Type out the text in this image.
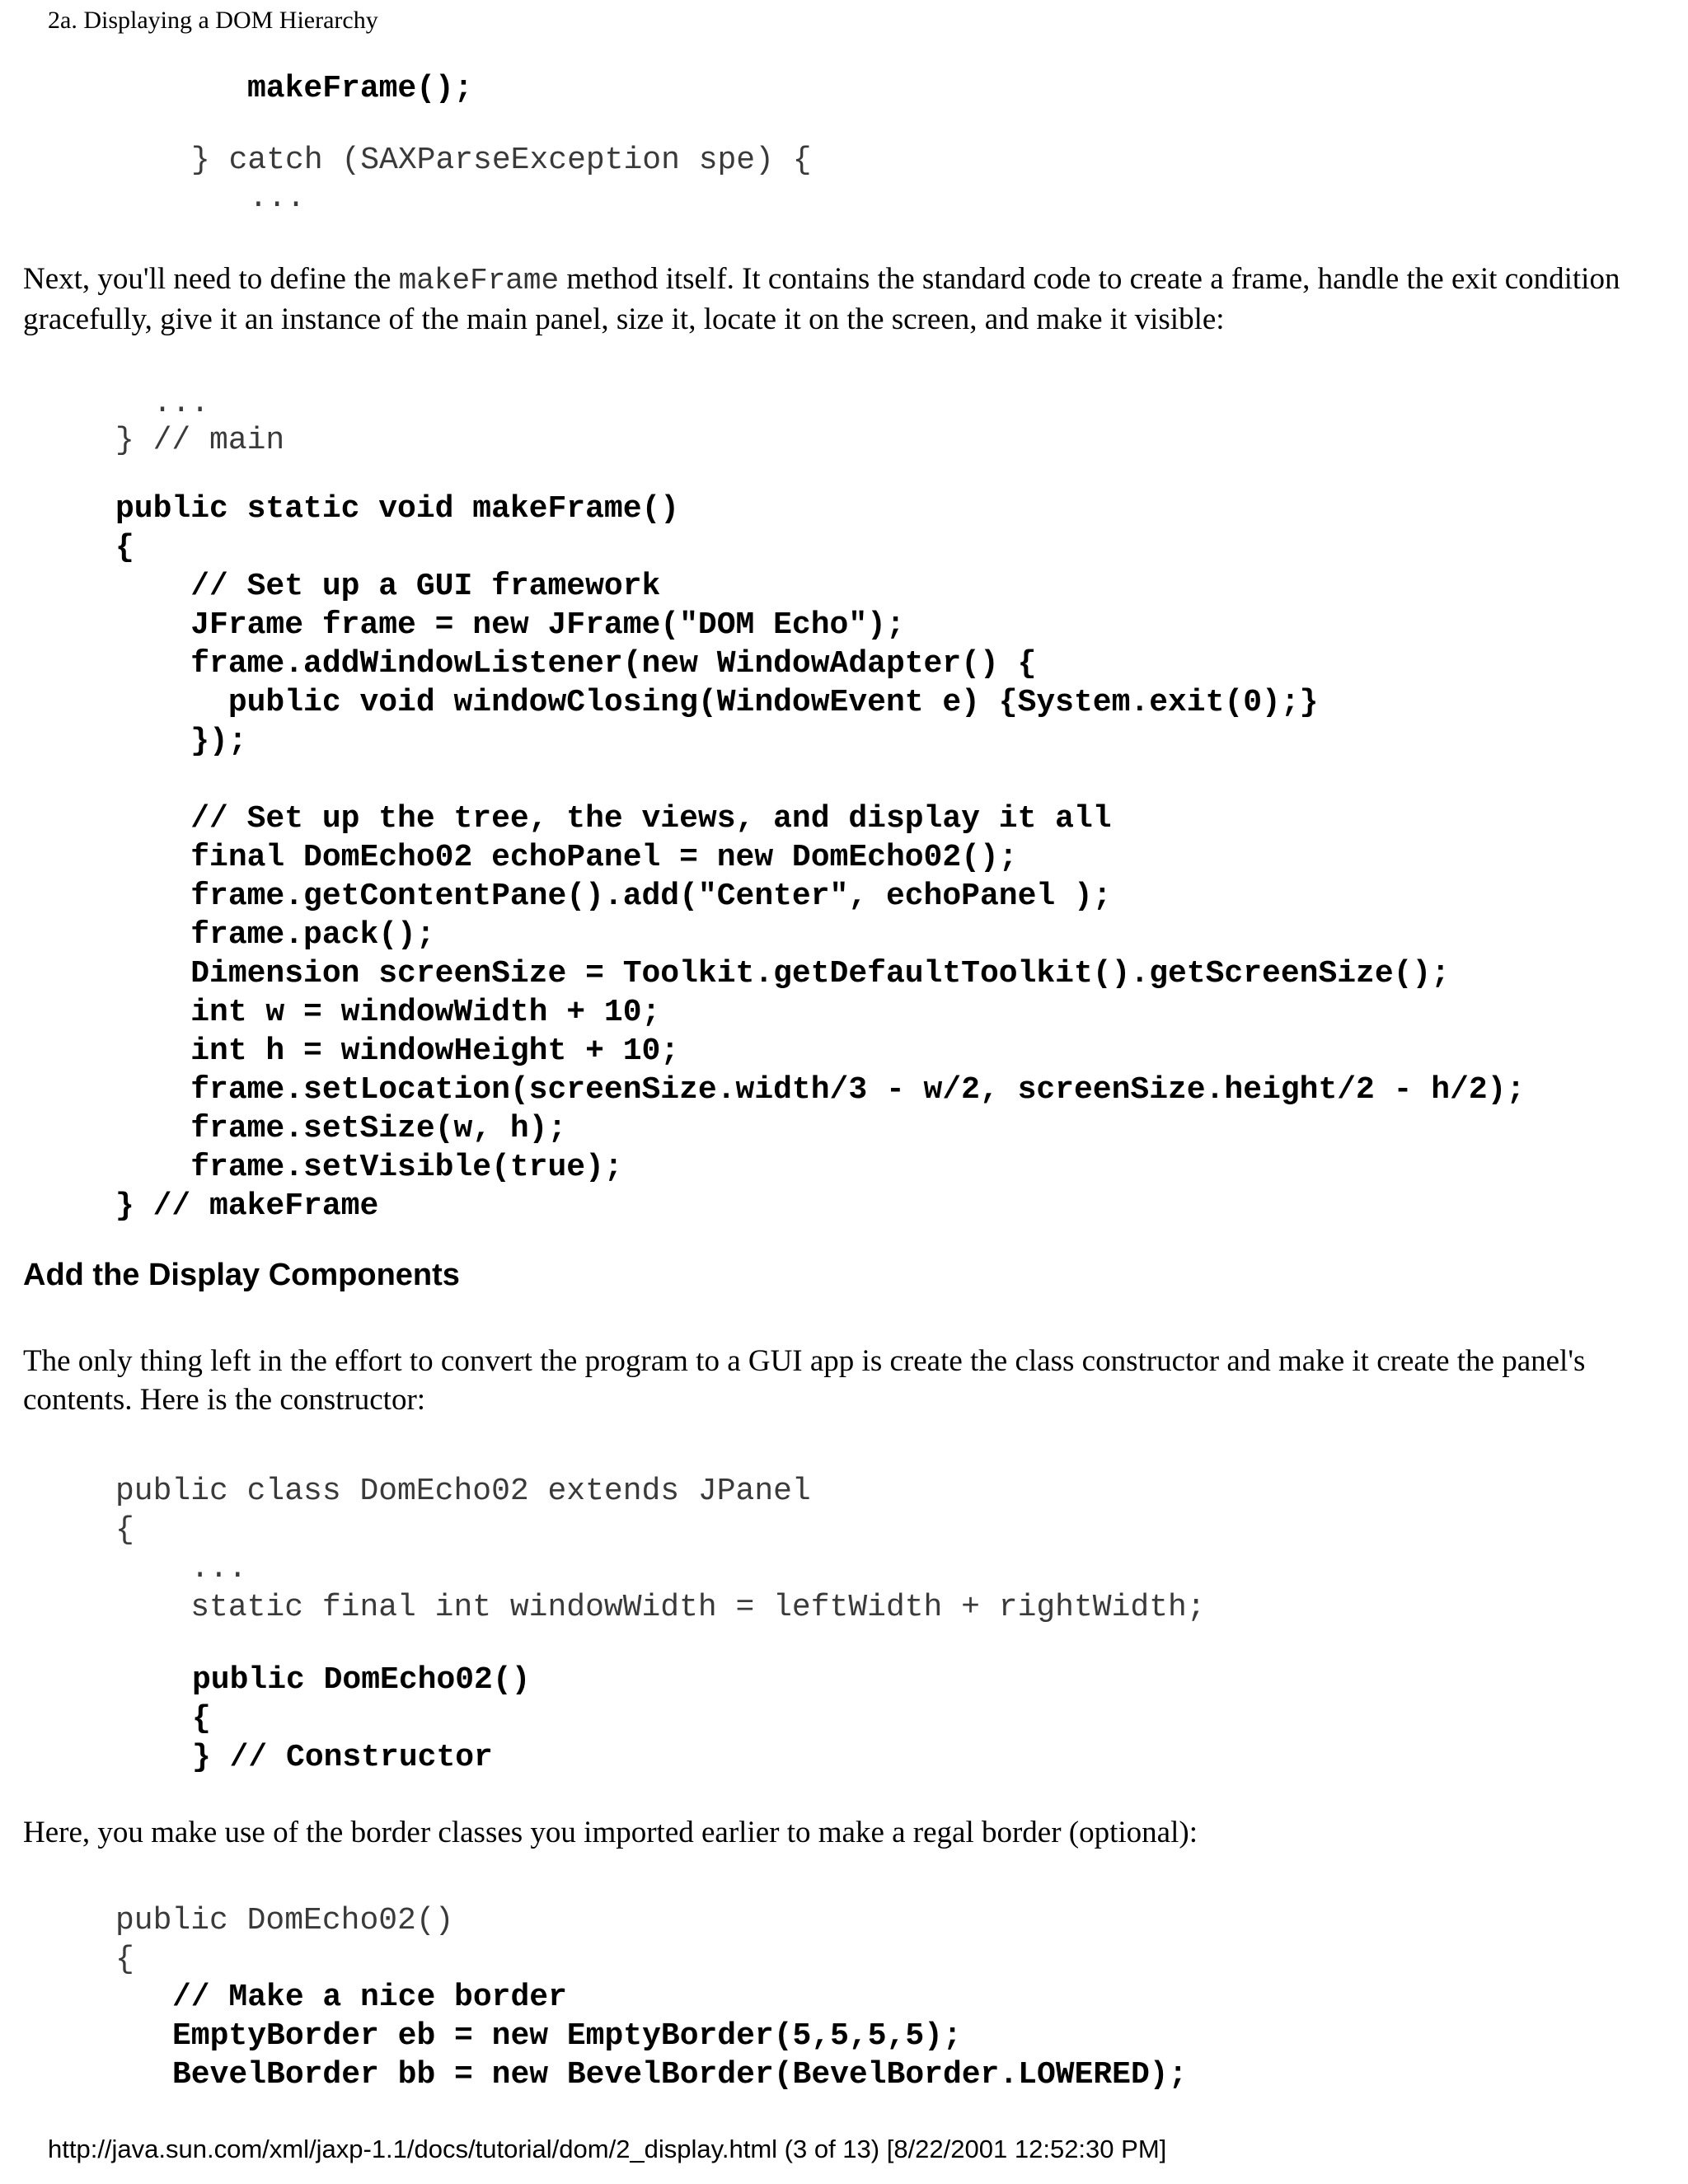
2a. Displaying a DOM Hierarchy
makeFrame();
} catch (SAXParseException spe) {
...
Next, you'll need to define the makeFrame method itself. It contains the standard code to create a frame, handle the exit condition gracefully, give it an instance of the main panel, size it, locate it on the screen, and make it visible:
...
} // main
public static void makeFrame()
{
// Set up a GUI framework
JFrame frame = new JFrame("DOM Echo");
frame.addWindowListener(new WindowAdapter() {
public void windowClosing(WindowEvent e) {System.exit(0);}
});

// Set up the tree, the views, and display it all
final DomEcho02 echoPanel = new DomEcho02();
frame.getContentPane().add("Center", echoPanel );
frame.pack();
Dimension screenSize = Toolkit.getDefaultToolkit().getScreenSize();
int w = windowWidth + 10;
int h = windowHeight + 10;
frame.setLocation(screenSize.width/3 - w/2, screenSize.height/2 - h/2);
frame.setSize(w, h);
frame.setVisible(true);
} // makeFrame
Add the Display Components
The only thing left in the effort to convert the program to a GUI app is create the class constructor and make it create the panel's contents. Here is the constructor:
public class DomEcho02 extends JPanel
{
...
static final int windowWidth = leftWidth + rightWidth;
public DomEcho02()
{
} // Constructor
Here, you make use of the border classes you imported earlier to make a regal border (optional):
public DomEcho02()
{
// Make a nice border
EmptyBorder eb = new EmptyBorder(5,5,5,5);
BevelBorder bb = new BevelBorder(BevelBorder.LOWERED);
http://java.sun.com/xml/jaxp-1.1/docs/tutorial/dom/2_display.html (3 of 13) [8/22/2001 12:52:30 PM]
